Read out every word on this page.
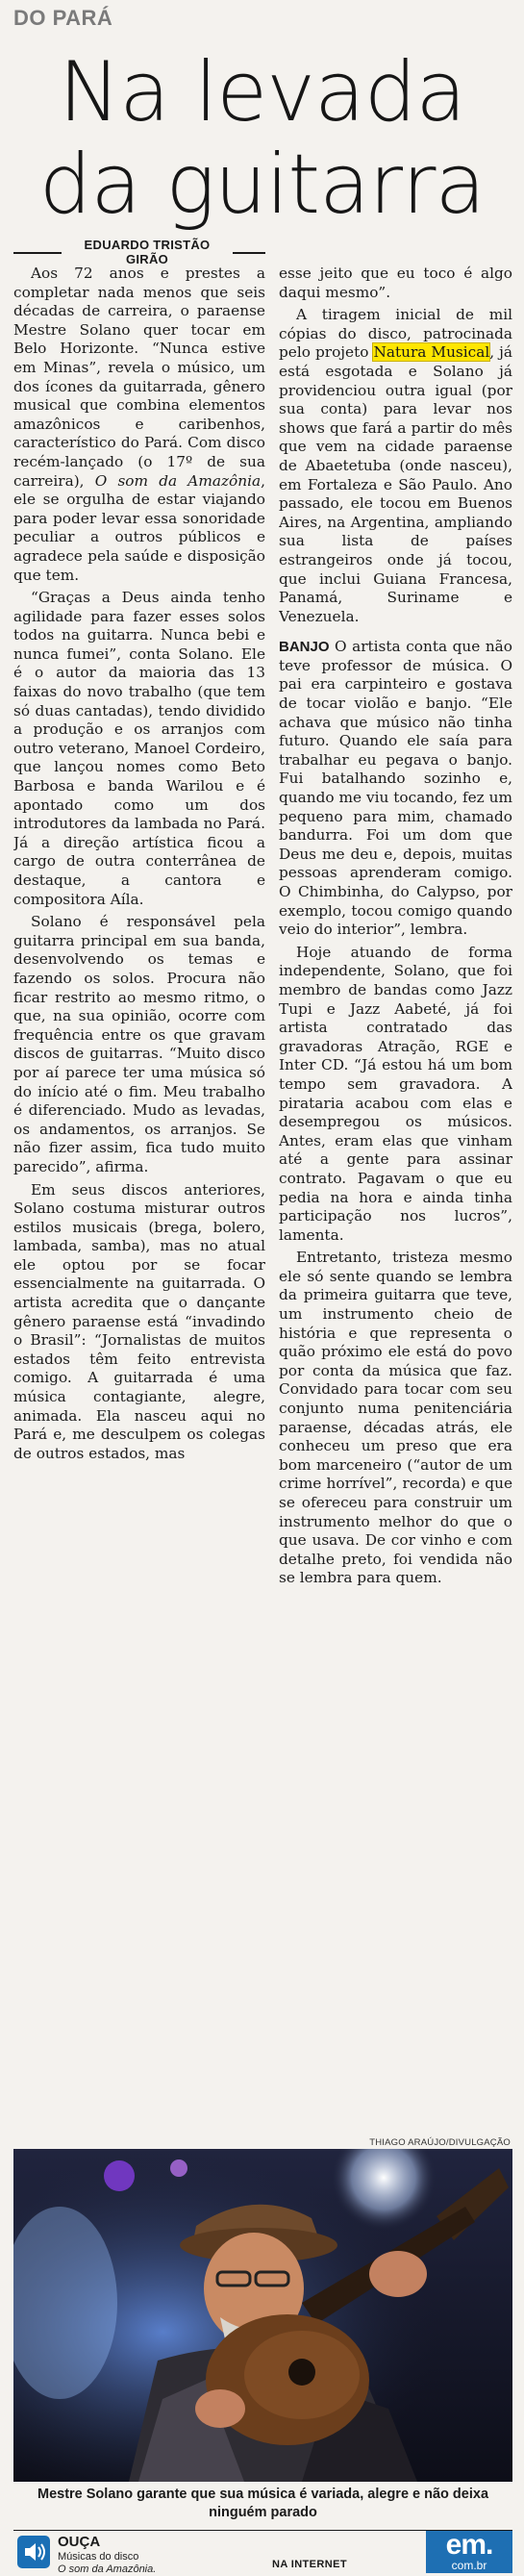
DO PARÁ
Na levada
da guitarra
EDUARDO TRISTÃO GIRÃO

Aos 72 anos e prestes a completar nada menos que seis décadas de carreira, o paraense Mestre Solano quer tocar em Belo Horizonte. “Nunca estive em Minas”, revela o músico, um dos ícones da guitarrada, gênero musical que combina elementos amazônicos e caribenhos, característico do Pará. Com disco recém-lançado (o 17º de sua carreira), O som da Amazônia, ele se orgulha de estar viajando para poder levar essa sonoridade peculiar a outros públicos e agradece pela saúde e disposição que tem.

“Graças a Deus ainda tenho agilidade para fazer esses solos todos na guitarra. Nunca bebi e nunca fumei”, conta Solano. Ele é o autor da maioria das 13 faixas do novo trabalho (que tem só duas cantadas), tendo dividido a produção e os arranjos com outro veterano, Manoel Cordeiro, que lançou nomes como Beto Barbosa e banda Warilou e é apontado como um dos introdutores da lambada no Pará. Já a direção artística ficou a cargo de outra conterrânea de destaque, a cantora e compositora Aíla.

Solano é responsável pela guitarra principal em sua banda, desenvolvendo os temas e fazendo os solos. Procura não ficar restrito ao mesmo ritmo, o que, na sua opinião, ocorre com frequência entre os que gravam discos de guitarras. “Muito disco por aí parece ter uma música só do início até o fim. Meu trabalho é diferenciado. Mudo as levadas, os andamentos, os arranjos. Se não fizer assim, fica tudo muito parecido”, afirma.

Em seus discos anteriores, Solano costuma misturar outros estilos musicais (brega, bolero, lambada, samba), mas no atual ele optou por se focar essencialmente na guitarrada. O artista acredita que o dançante gênero paraense está “invadindo o Brasil”: “Jornalistas de muitos estados têm feito entrevista comigo. A guitarrada é uma música contagiante, alegre, animada. Ela nasceu aqui no Pará e, me desculpem os colegas de outros estados, mas

esse jeito que eu toco é algo daqui mesmo”.

A tiragem inicial de mil cópias do disco, patrocinada pelo projeto Natura Musical, já está esgotada e Solano já providenciou outra igual (por sua conta) para levar nos shows que fará a partir do mês que vem na cidade paraense de Abaetetuba (onde nasceu), em Fortaleza e São Paulo. Ano passado, ele tocou em Buenos Aires, na Argentina, ampliando sua lista de países estrangeiros onde já tocou, que inclui Guiana Francesa, Panamá, Suriname e Venezuela.

BANJO O artista conta que não teve professor de música. O pai era carpinteiro e gostava de tocar violão e banjo. “Ele achava que músico não tinha futuro. Quando ele saía para trabalhar eu pegava o banjo. Fui batalhando sozinho e, quando me viu tocando, fez um pequeno para mim, chamado bandurra. Foi um dom que Deus me deu e, depois, muitas pessoas aprenderam comigo. O Chimbinha, do Calypso, por exemplo, tocou comigo quando veio do interior”, lembra.

Hoje atuando de forma independente, Solano, que foi membro de bandas como Jazz Tupi e Jazz Aabeté, já foi artista contratado das gravadoras Atração, RGE e Inter CD. “Já estou há um bom tempo sem gravadora. A pirataria acabou com elas e desempregou os músicos. Antes, eram elas que vinham até a gente para assinar contrato. Pagavam o que eu pedia na hora e ainda tinha participação nos lucros”, lamenta.

Entretanto, tristeza mesmo ele só sente quando se lembra da primeira guitarra que teve, um instrumento cheio de história e que representa o quão próximo ele está do povo por conta da música que faz. Convidado para tocar com seu conjunto numa penitenciária paraense, décadas atrás, ele conheceu um preso que era bom marceneiro (“autor de um crime horrível”, recorda) e que se ofereceu para construir um instrumento melhor do que o que usava. De cor vinho e com detalhe preto, foi vendida não se lembra para quem.

THIAGO ARAÚJO/DIVULGAÇÃO
Mestre Solano garante que sua música é variada, alegre e não deixa ninguém parado
OUÇA
Músicas do disco
O som da Amazônia.	NA INTERNET
em.
com.br
